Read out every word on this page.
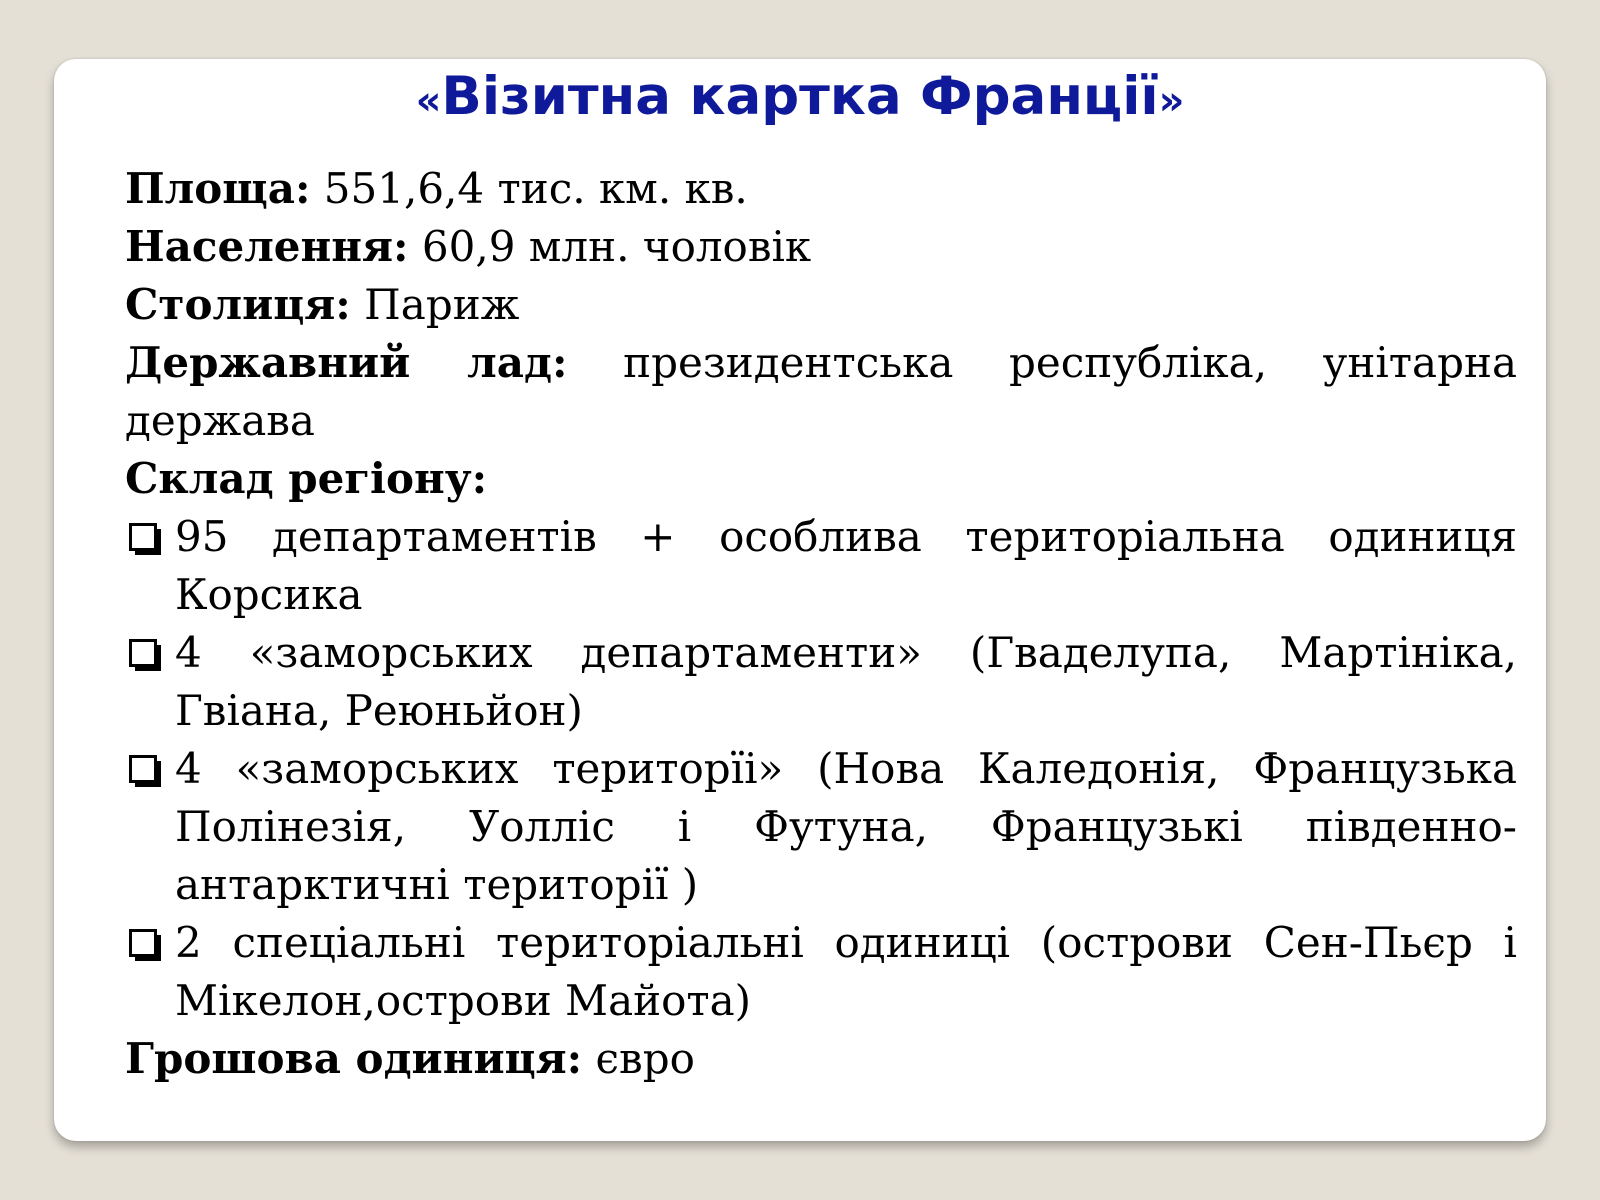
«Візитна картка Франції»
Площа: 551,6,4 тис. км. кв.
Населення: 60,9 млн. чоловік
Столиця: Париж
Державний лад: президентська республіка, унітарна держава
Склад регіону:
95 департаментів + особлива територіальна одиниця Корсика
4 «заморських департаменти» (Гваделупа, Мартініка, Гвіана, Реюньйон)
4 «заморських територїі» (Нова Каледонія, Французька Полінезія, Уолліс і Футуна, Французькі південно-антарктичні території )
2 спеціальні територіальні одиниці (острови Сен-Пьєр і Мікелон,острови Майота)
Грошова одиниця: євро
